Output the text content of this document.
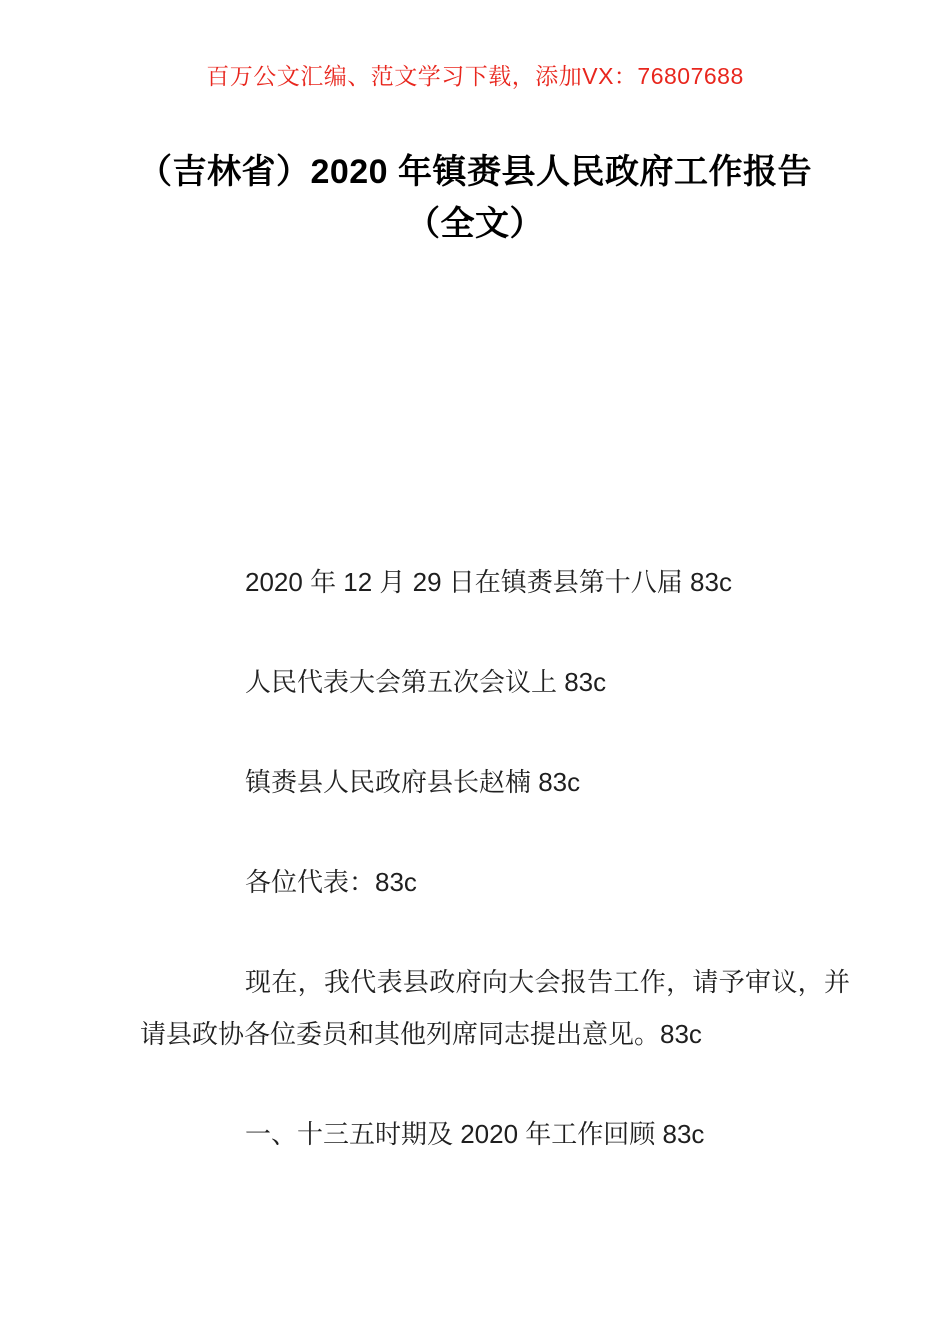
百万公文汇编、范文学习下载，添加VX：76807688
（吉林省）2020 年镇赉县人民政府工作报告（全文）

2020 年 12 月 29 日在镇赉县第十八届 83c

人民代表大会第五次会议上 83c

镇赉县人民政府县长赵楠 83c

各位代表：83c

现在，我代表县政府向大会报告工作，请予审议，并请县政协各位委员和其他列席同志提出意见。83c

一、十三五时期及 2020 年工作回顾 83c
